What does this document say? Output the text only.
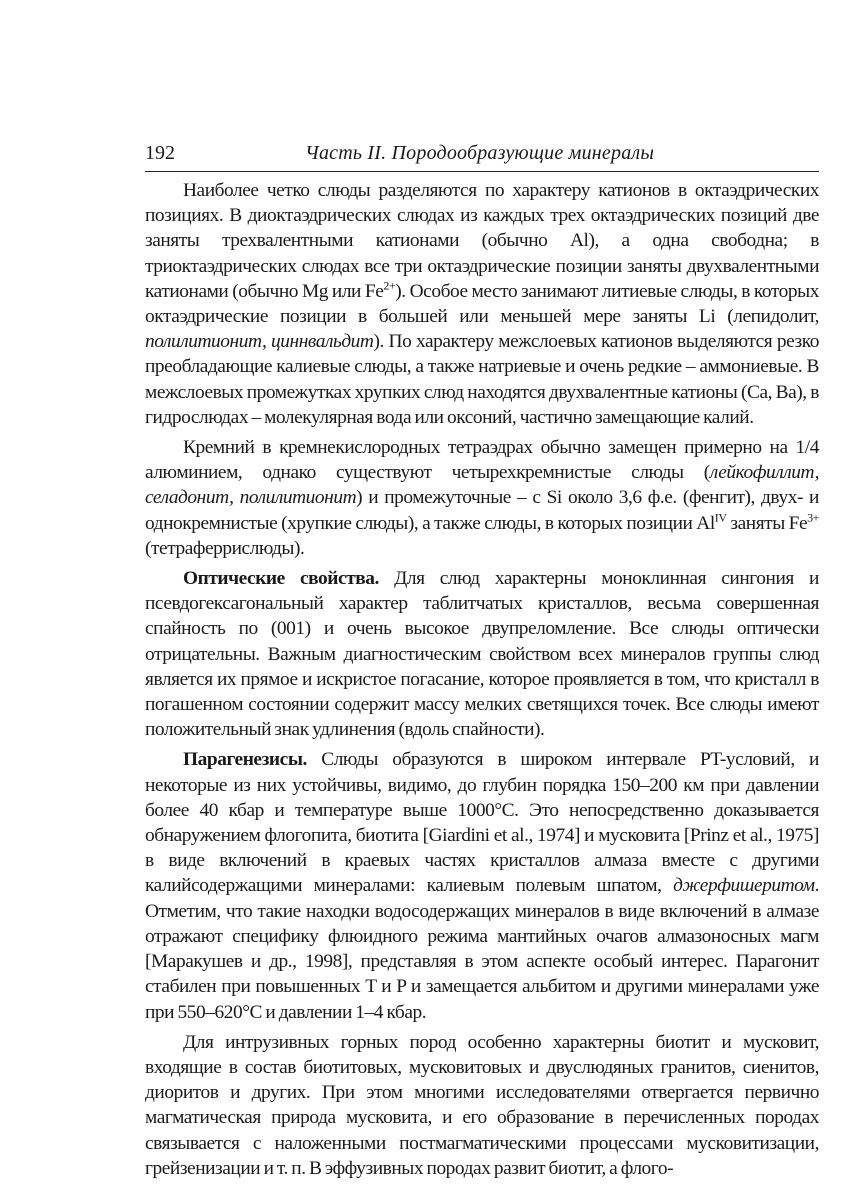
192	Часть II. Породообразующие минералы

Наиболее четко слюды разделяются по характеру катионов в октаэдрических позициях. В диоктаэдрических слюдах из каждых трех октаэдрических позиций две заняты трехвалентными катионами (обычно Al), а одна свободна; в триоктаэдрических слюдах все три октаэдрические позиции заняты двухвалентными катионами (обычно Mg или $Fe^{2+}$). Особое место занимают литиевые слюды, в которых октаэдрические позиции в большей или меньшей мере заняты Li (лепидолит, полилитионит, циннвальдит). По характеру межслоевых катионов выделяются резко преобладающие калиевые слюды, а также натриевые и очень редкие – аммониевые. В межслоевых промежутках хрупких слюд находятся двухвалентные катионы (Ca, Ba), в гидрослюдах – молекулярная вода или оксоний, частично замещающие калий.

Кремний в кремнекислородных тетраэдрах обычно замещен примерно на 1/4 алюминием, однако существуют четырехкремнистые слюды (лейкофиллит, селадонит, полилитионит) и промежуточные – с Si около 3,6 ф.е. (фенгит), двух- и однокремнистые (хрупкие слюды), а также слюды, в которых позиции $Al^{IV}$ заняты $Fe^{3+}$ (тетраферрислюды).

Оптические свойства. Для слюд характерны моноклинная сингония и псевдогексагональный характер таблитчатых кристаллов, весьма совершенная спайность по (001) и очень высокое двупреломление. Все слюды оптически отрицательны. Важным диагностическим свойством всех минералов группы слюд является их прямое и искристое погасание, которое проявляется в том, что кристалл в погашенном состоянии содержит массу мелких светящихся точек. Все слюды имеют положительный знак удлинения (вдоль спайности).

Парагенезисы. Слюды образуются в широком интервале PT-условий, и некоторые из них устойчивы, видимо, до глубин порядка 150–200 км при давлении более 40 кбар и температуре выше 1000°C. Это непосредственно доказывается обнаружением флогопита, биотита [Giardini et al., 1974] и мусковита [Prinz et al., 1975] в виде включений в краевых частях кристаллов алмаза вместе с другими калийсодержащими минералами: калиевым полевым шпатом, джерфишеритом. Отметим, что такие находки водосодержащих минералов в виде включений в алмазе отражают специфику флюидного режима мантийных очагов алмазоносных магм [Маракушев и др., 1998], представляя в этом аспекте особый интерес. Парагонит стабилен при повышенных T и P и замещается альбитом и другими минералами уже при 550–620°C и давлении 1–4 кбар.

Для интрузивных горных пород особенно характерны биотит и мусковит, входящие в состав биотитовых, мусковитовых и двуслюдяных гранитов, сиенитов, диоритов и других. При этом многими исследователями отвергается первично магматическая природа мусковита, и его образование в перечисленных породах связывается с наложенными постмагматическими процессами мусковитизации, грейзенизации и т. п. В эффузивных породах развит биотит, а флого-
